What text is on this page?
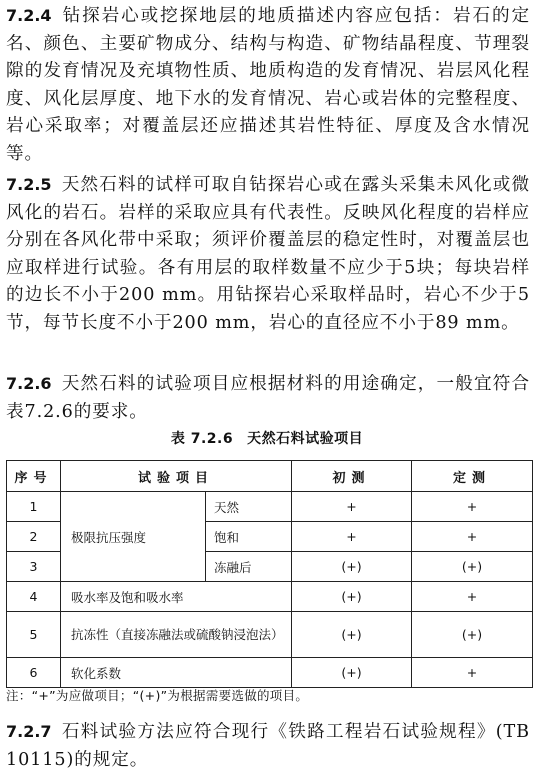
7.2.4 钻探岩心或挖探地层的地质描述内容应包括：岩石的定名、颜色、主要矿物成分、结构与构造、矿物结晶程度、节理裂隙的发育情况及充填物性质、地质构造的发育情况、岩层风化程度、风化层厚度、地下水的发育情况、岩心或岩体的完整程度、岩心采取率；对覆盖层还应描述其岩性特征、厚度及含水情况等。
7.2.5 天然石料的试样可取自钻探岩心或在露头采集未风化或微风化的岩石。岩样的采取应具有代表性。反映风化程度的岩样应分别在各风化带中采取；须评价覆盖层的稳定性时，对覆盖层也应取样进行试验。各有用层的取样数量不应少于5块；每块岩样的边长不小于200 mm。用钻探岩心采取样品时，岩心不少于5节，每节长度不小于200 mm，岩心的直径应不小于89 mm。
7.2.6 天然石料的试验项目应根据材料的用途确定，一般宜符合表7.2.6的要求。
表 7.2.6 天然石料试验项目
序号	试验项目		初测	定测
1	极限抗压强度	天然	+	+
2		饱和	+	+
3		冻融后	(+)	(+)
4	吸水率及饱和吸水率		(+)	+
5	抗冻性（直接冻融法或硫酸钠浸泡法）		(+)	(+)
6	软化系数		(+)	+
注：“+”为应做项目；“(+)”为根据需要选做的项目。
7.2.7 石料试验方法应符合现行《铁路工程岩石试验规程》(TB 10115)的规定。
